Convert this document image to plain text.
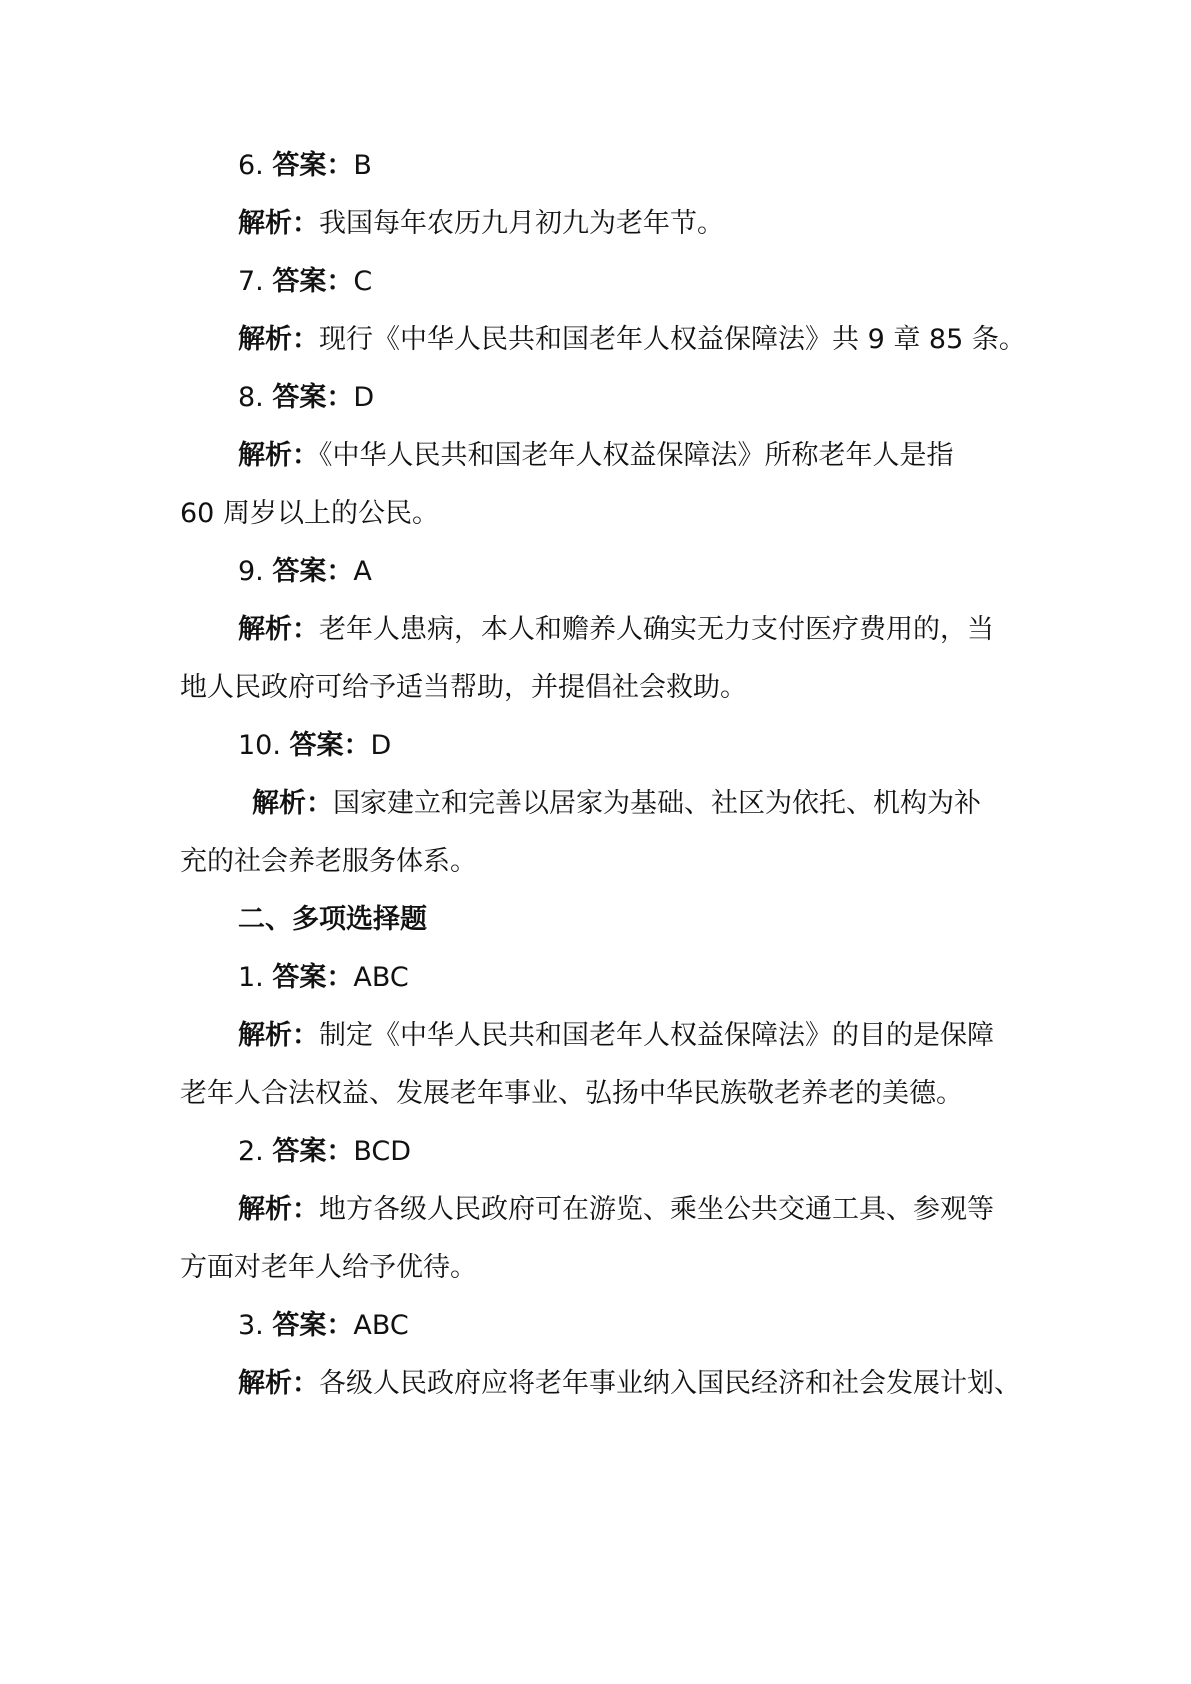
6. 答案：B
解析：我国每年农历九月初九为老年节。
7. 答案：C
解析：现行《中华人民共和国老年人权益保障法》共 9 章 85 条。
8. 答案：D
解析：《中华人民共和国老年人权益保障法》所称老年人是指
60 周岁以上的公民。
9. 答案：A
解析：老年人患病，本人和赡养人确实无力支付医疗费用的，当
地人民政府可给予适当帮助，并提倡社会救助。
10. 答案：D
解析：国家建立和完善以居家为基础、社区为依托、机构为补
充的社会养老服务体系。
二、多项选择题
1. 答案：ABC
解析：制定《中华人民共和国老年人权益保障法》的目的是保障
老年人合法权益、发展老年事业、弘扬中华民族敬老养老的美德。
2. 答案：BCD
解析：地方各级人民政府可在游览、乘坐公共交通工具、参观等
方面对老年人给予优待。
3. 答案：ABC
解析：各级人民政府应将老年事业纳入国民经济和社会发展计划、
